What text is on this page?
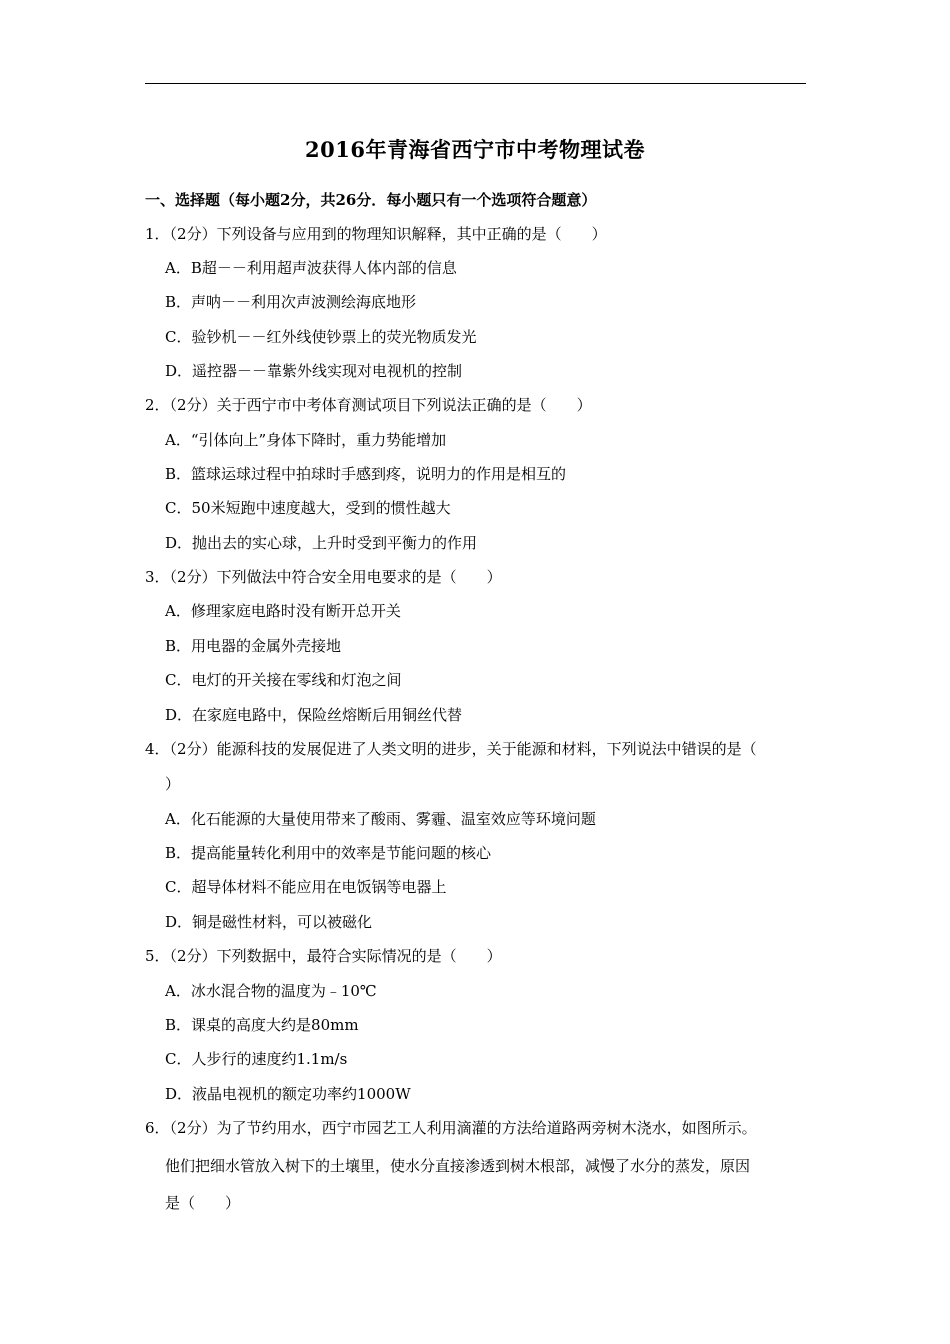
2016年青海省西宁市中考物理试卷
一、选择题（每小题2分，共26分．每小题只有一个选项符合题意）
1．（2分）下列设备与应用到的物理知识解释，其中正确的是（　　）
A．B超－－利用超声波获得人体内部的信息
B．声呐－－利用次声波测绘海底地形
C．验钞机－－红外线使钞票上的荧光物质发光
D．遥控器－－靠紫外线实现对电视机的控制
2．（2分）关于西宁市中考体育测试项目下列说法正确的是（　　）
A．“引体向上”身体下降时，重力势能增加
B．篮球运球过程中拍球时手感到疼，说明力的作用是相互的
C．50米短跑中速度越大，受到的惯性越大
D．抛出去的实心球，上升时受到平衡力的作用
3．（2分）下列做法中符合安全用电要求的是（　　）
A．修理家庭电路时没有断开总开关
B．用电器的金属外壳接地
C．电灯的开关接在零线和灯泡之间
D．在家庭电路中，保险丝熔断后用铜丝代替
4．（2分）能源科技的发展促进了人类文明的进步，关于能源和材料，下列说法中错误的是（
）
A．化石能源的大量使用带来了酸雨、雾霾、温室效应等环境问题
B．提高能量转化利用中的效率是节能问题的核心
C．超导体材料不能应用在电饭锅等电器上
D．铜是磁性材料，可以被磁化
5．（2分）下列数据中，最符合实际情况的是（　　）
A．冰水混合物的温度为﹣10℃
B．课桌的高度大约是80mm
C．人步行的速度约1.1m/s
D．液晶电视机的额定功率约1000W
6．（2分）为了节约用水，西宁市园艺工人利用滴灌的方法给道路两旁树木浇水，如图所示。
他们把细水管放入树下的土壤里，使水分直接渗透到树木根部，减慢了水分的蒸发，原因
是（　　）
